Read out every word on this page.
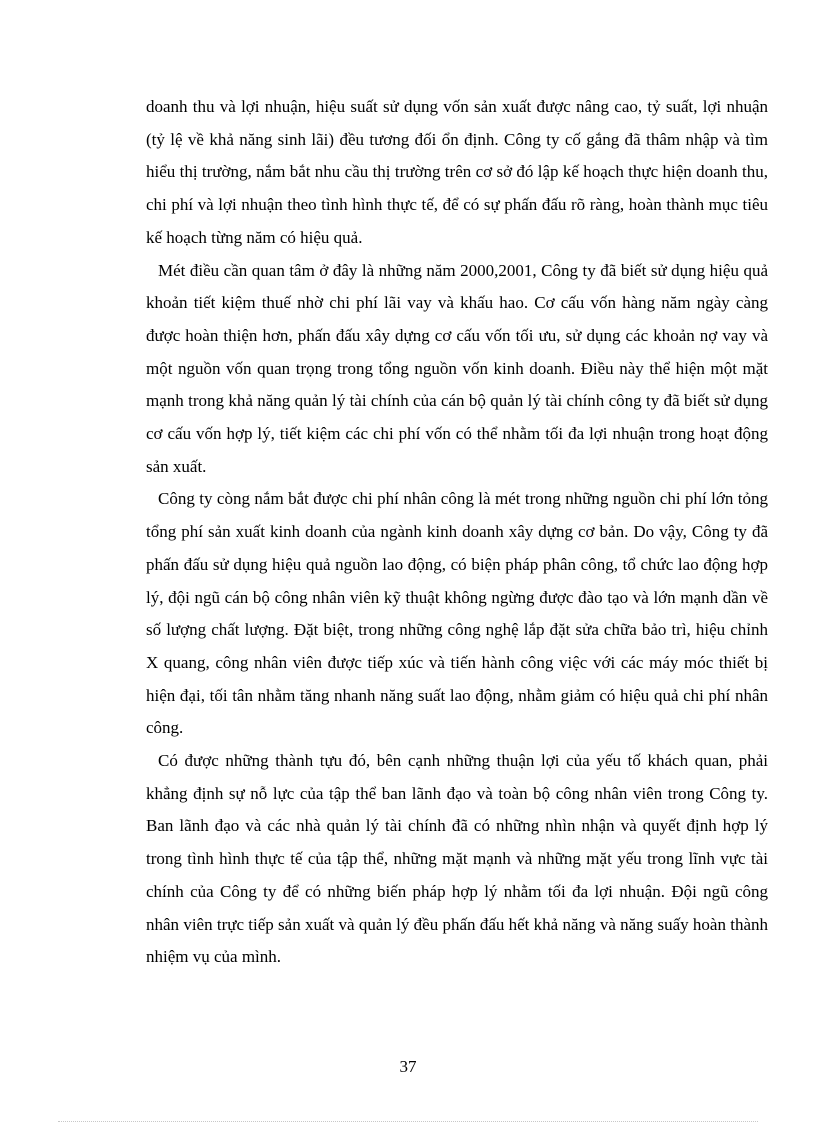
doanh thu và lợi nhuận, hiệu suất sử dụng vốn sản xuất được nâng cao, tỷ suất, lợi nhuận (tỷ lệ về khả năng sinh lãi) đều tương đối ổn định. Công ty cố gắng đã thâm nhập và tìm hiểu thị trường, nắm bắt nhu cầu thị trường trên cơ sở đó lập kế hoạch thực hiện doanh thu, chi phí và lợi nhuận theo tình hình thực tế, để có sự phấn đấu rõ ràng, hoàn thành mục tiêu kế hoạch từng năm có hiệu quả.

Mét điều cần quan tâm ở đây là những năm 2000,2001, Công ty đã biết sử dụng hiệu quả khoản tiết kiệm thuế nhờ chi phí lãi vay và khấu hao. Cơ cấu vốn hàng năm ngày càng được hoàn thiện hơn, phấn đấu xây dựng cơ cấu vốn tối ưu, sử dụng các khoản nợ vay và một nguồn vốn quan trọng trong tổng nguồn vốn kinh doanh. Điều này thể hiện một mặt mạnh trong khả năng quản lý tài chính của cán bộ quản lý tài chính công ty đã biết sử dụng cơ cấu vốn hợp lý, tiết kiệm các chi phí vốn có thể nhằm tối đa lợi nhuận trong hoạt động sản xuất.

Công ty còng nắm bắt được chi phí nhân công là mét trong những nguồn chi phí lớn tỏng tổng phí sản xuất kinh doanh của ngành kinh doanh xây dựng cơ bản. Do vậy, Công ty đã phấn đấu sử dụng hiệu quả nguồn lao động, có biện pháp phân công, tổ chức lao động hợp lý, đội ngũ cán bộ công nhân viên kỹ thuật không ngừng được đào tạo và lớn mạnh dần về số lượng chất lượng. Đặt biệt, trong những công nghệ lắp đặt sửa chữa bảo trì, hiệu chỉnh X quang, công nhân viên được tiếp xúc và tiến hành công việc với các máy móc thiết bị hiện đại, tối tân nhằm tăng nhanh năng suất lao động, nhằm giảm có hiệu quả chi phí nhân công.

Có được những thành tựu đó, bên cạnh những thuận lợi của yếu tố khách quan, phải khẳng định sự nỗ lực của tập thể ban lãnh đạo và toàn bộ công nhân viên trong Công ty. Ban lãnh đạo và các nhà quản lý tài chính đã có những nhìn nhận và quyết định hợp lý trong tình hình thực tế của tập thể, những mặt mạnh và những mặt yếu trong lĩnh vực tài chính của Công ty để có những biến pháp hợp lý nhằm tối đa lợi nhuận. Đội ngũ công nhân viên trực tiếp sản xuất và quản lý đều phấn đấu hết khả năng và năng suấy hoàn thành nhiệm vụ của mình.

37
